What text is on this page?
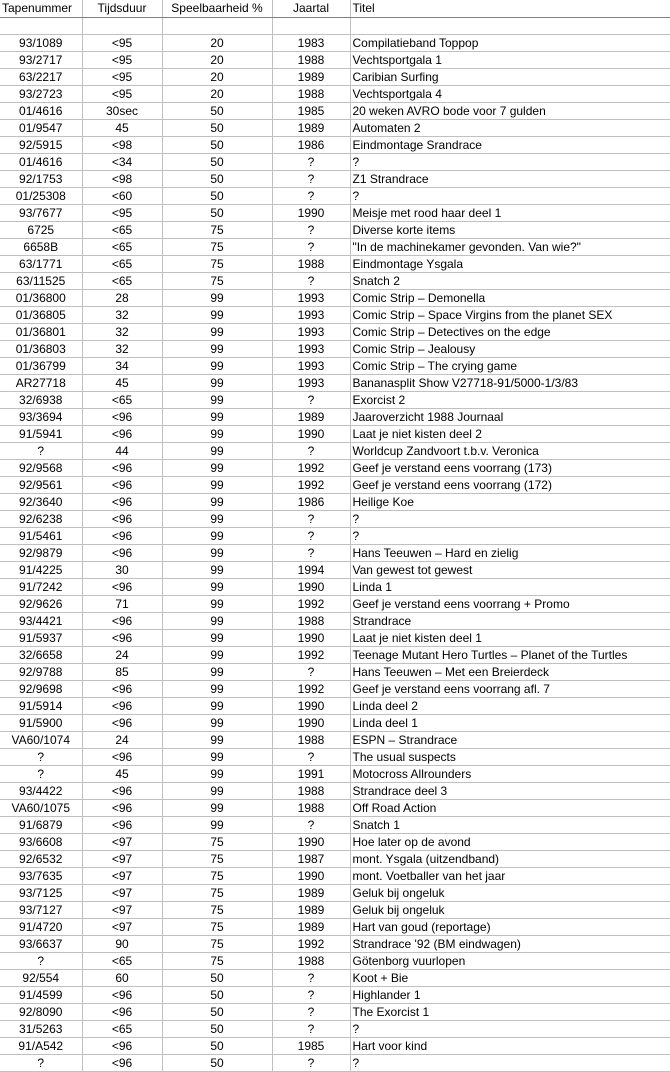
Tapenummer	Tijdsduur	Speelbaarheid %	Jaartal	Titel

93/1089	<95	20	1983	Compilatieband Toppop
93/2717	<95	20	1988	Vechtsportgala 1
63/2217	<95	20	1989	Caribian Surfing
93/2723	<95	20	1988	Vechtsportgala 4
01/4616	30sec	50	1985	20 weken AVRO bode voor 7 gulden
01/9547	45	50	1989	Automaten 2
92/5915	<98	50	1986	Eindmontage Srandrace
01/4616	<34	50	?	?
92/1753	<98	50	?	Z1 Strandrace
01/25308	<60	50	?	?
93/7677	<95	50	1990	Meisje met rood haar deel 1
6725	<65	75	?	Diverse korte items
6658B	<65	75	?	"In de machinekamer gevonden. Van wie?"
63/1771	<65	75	1988	Eindmontage Ysgala
63/11525	<65	75	?	Snatch 2
01/36800	28	99	1993	Comic Strip – Demonella
01/36805	32	99	1993	Comic Strip – Space Virgins from the planet SEX
01/36801	32	99	1993	Comic Strip – Detectives on the edge
01/36803	32	99	1993	Comic Strip – Jealousy
01/36799	34	99	1993	Comic Strip – The crying game
AR27718	45	99	1993	Bananasplit Show V27718-91/5000-1/3/83
32/6938	<65	99	?	Exorcist 2
93/3694	<96	99	1989	Jaaroverzicht 1988 Journaal
91/5941	<96	99	1990	Laat je niet kisten deel 2
?	44	99	?	Worldcup Zandvoort t.b.v. Veronica
92/9568	<96	99	1992	Geef je verstand eens voorrang (173)
92/9561	<96	99	1992	Geef je verstand eens voorrang (172)
92/3640	<96	99	1986	Heilige Koe
92/6238	<96	99	?	?
91/5461	<96	99	?	?
92/9879	<96	99	?	Hans Teeuwen – Hard en zielig
91/4225	30	99	1994	Van gewest tot gewest
91/7242	<96	99	1990	Linda 1
92/9626	71	99	1992	Geef je verstand eens voorrang + Promo
93/4421	<96	99	1988	Strandrace
91/5937	<96	99	1990	Laat je niet kisten deel 1
32/6658	24	99	1992	Teenage Mutant Hero Turtles – Planet of the Turtles
92/9788	85	99	?	Hans Teeuwen – Met een Breierdeck
92/9698	<96	99	1992	Geef je verstand eens voorrang afl. 7
91/5914	<96	99	1990	Linda deel 2
91/5900	<96	99	1990	Linda deel 1
VA60/1074	24	99	1988	ESPN – Strandrace
?	<96	99	?	The usual suspects
?	45	99	1991	Motocross Allrounders
93/4422	<96	99	1988	Strandrace deel 3
VA60/1075	<96	99	1988	Off Road Action
91/6879	<96	99	?	Snatch 1
93/6608	<97	75	1990	Hoe later op de avond
92/6532	<97	75	1987	mont. Ysgala (uitzendband)
93/7635	<97	75	1990	mont. Voetballer van het jaar
93/7125	<97	75	1989	Geluk bij ongeluk
93/7127	<97	75	1989	Geluk bij ongeluk
91/4720	<97	75	1989	Hart van goud (reportage)
93/6637	90	75	1992	Strandrace '92 (BM eindwagen)
?	<65	75	1988	Götenborg vuurlopen
92/554	60	50	?	Koot + Bie
91/4599	<96	50	?	Highlander 1
92/8090	<96	50	?	The Exorcist 1
31/5263	<65	50	?	?
91/A542	<96	50	1985	Hart voor kind
?	<96	50	?	?
